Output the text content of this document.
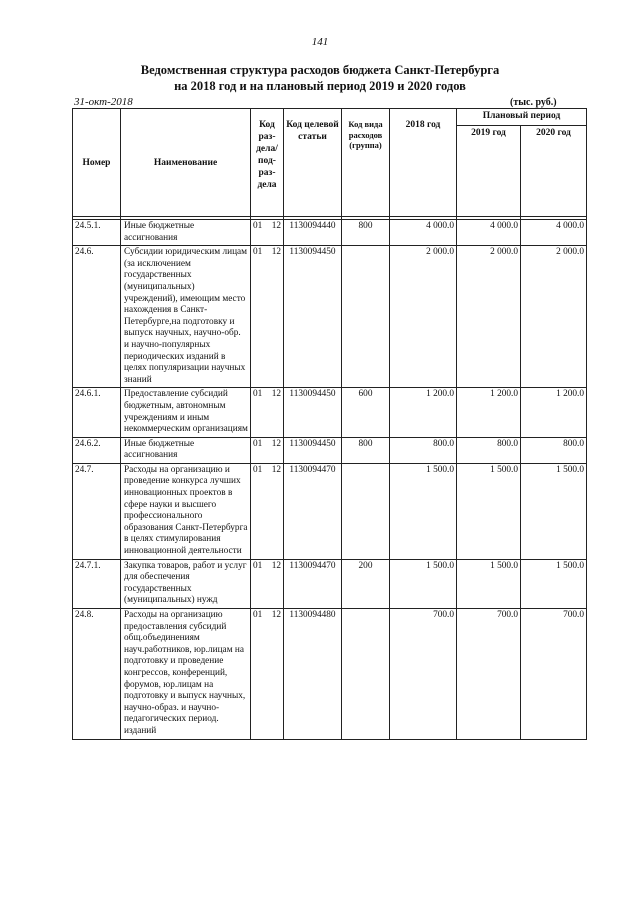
141
Ведомственная структура расходов бюджета Санкт-Петербурга
на 2018 год и на плановый период 2019 и 2020 годов
31-окт-2018	(тыс. руб.)
Номер	Наименование	Код раз-дела/ под-раз-дела		Код целевой статьи	Код вида расходов (группа)	2018 год	Плановый период	
							2019 год	2020 год

24.5.1.	Иные бюджетные ассигнования	01	12	1130094440	800	4 000.0	4 000.0	4 000.0
24.6.	Субсидии юридическим лицам (за исключением государственных (муниципальных) учреждений), имеющим место нахождения в Санкт-Петербурге,на подготовку и выпуск научных, научно-обр. и научно-популярных периодических изданий в целях популяризации научных знаний	01	12	1130094450		2 000.0	2 000.0	2 000.0
24.6.1.	Предоставление субсидий бюджетным, автономным учреждениям и иным некоммерческим организациям	01	12	1130094450	600	1 200.0	1 200.0	1 200.0
24.6.2.	Иные бюджетные ассигнования	01	12	1130094450	800	800.0	800.0	800.0
24.7.	Расходы на организацию и проведение конкурса лучших инновационных проектов в сфере науки и высшего профессионального образования Санкт-Петербурга в целях стимулирования инновационной деятельности	01	12	1130094470		1 500.0	1 500.0	1 500.0
24.7.1.	Закупка товаров, работ и услуг для обеспечения государственных (муниципальных) нужд	01	12	1130094470	200	1 500.0	1 500.0	1 500.0
24.8.	Расходы на организацию предоставления субсидий общ.объединениям науч.работников, юр.лицам на подготовку и проведение конгрессов, конференций, форумов, юр.лицам на подготовку и выпуск научных, научно-образ. и научно-педагогических период. изданий	01	12	1130094480		700.0	700.0	700.0
